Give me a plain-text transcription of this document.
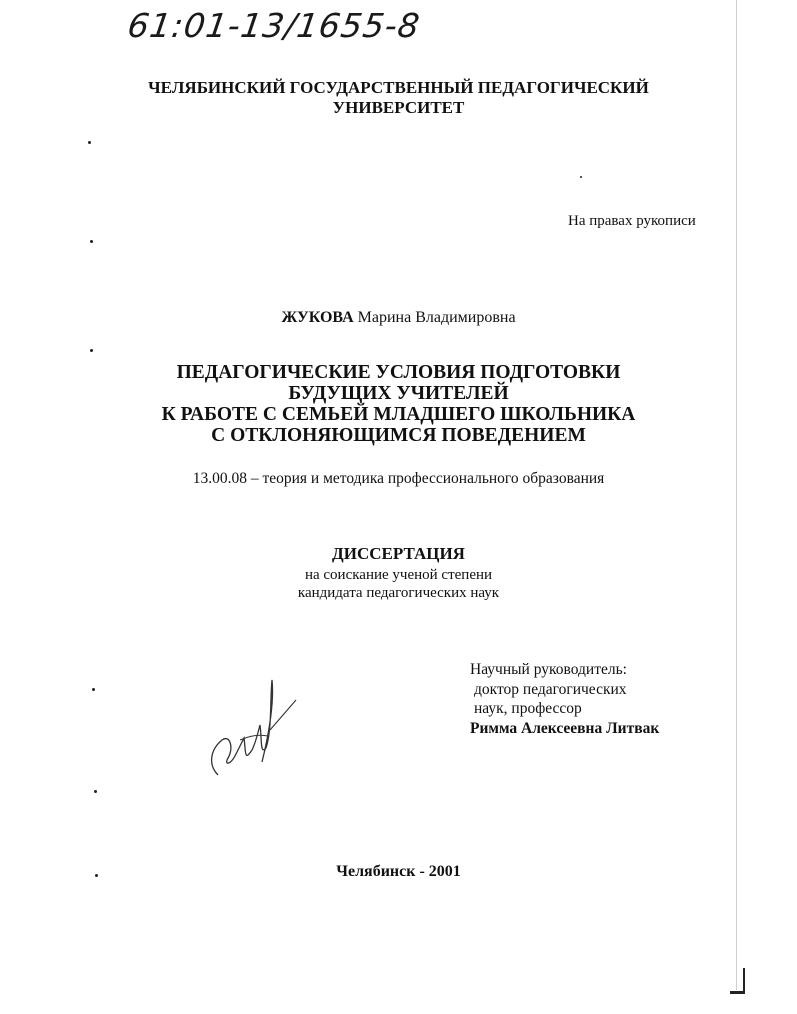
61:01-13/1655-8
ЧЕЛЯБИНСКИЙ ГОСУДАРСТВЕННЫЙ ПЕДАГОГИЧЕСКИЙ
УНИВЕРСИТЕТ
На правах рукописи
ЖУКОВА Марина Владимировна
ПЕДАГОГИЧЕСКИЕ УСЛОВИЯ ПОДГОТОВКИ
БУДУЩИХ УЧИТЕЛЕЙ
К РАБОТЕ С СЕМЬЕЙ МЛАДШЕГО ШКОЛЬНИКА
С ОТКЛОНЯЮЩИМСЯ ПОВЕДЕНИЕМ
13.00.08 – теория и методика профессионального образования
ДИССЕРТАЦИЯ
на соискание ученой степени
кандидата педагогических наук
Научный руководитель:
доктор педагогических
наук, профессор
Римма Алексеевна Литвак
Челябинск - 2001
